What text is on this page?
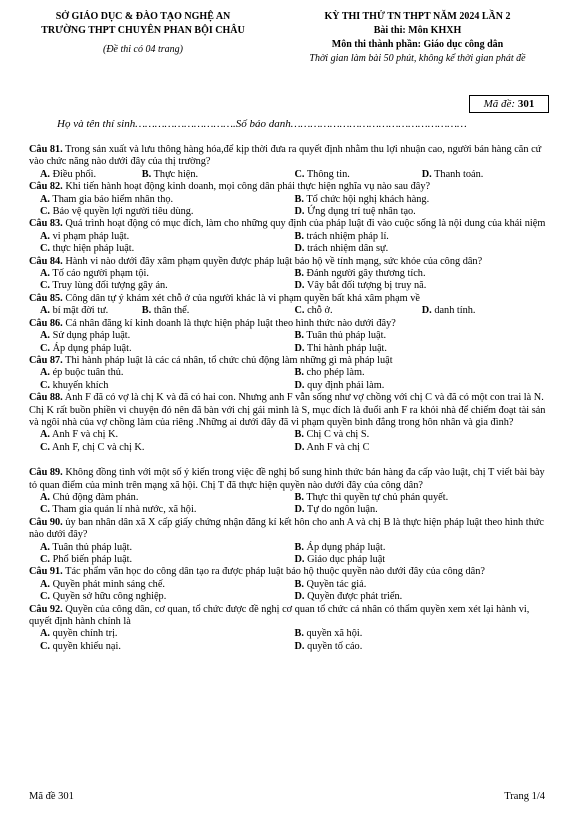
SỞ GIÁO DỤC & ĐÀO TẠO NGHỆ AN
TRƯỜNG THPT CHUYÊN PHAN BỘI CHÂU
(Đề thi có 04 trang)
KỲ THI THỬ TN THPT NĂM 2024 LẦN 2
Bài thi: Môn KHXH
Môn thi thành phần: Giáo dục công dân
Thời gian làm bài 50 phút, không kể thời gian phát đề
Mã đề: 301
Họ và tên thí sinh………………………….Số báo danh………………………………………………

Câu 81. Trong sản xuất và lưu thông hàng hóa,để kịp thời đưa ra quyết định nhằm thu lợi nhuận cao, người bán hàng căn cứ vào chức năng nào dưới đây của thị trường?

A. Điều phối.	B. Thực hiện.	C. Thông tin.	D. Thanh toán.

Câu 82. Khi tiến hành hoạt động kinh doanh, mọi công dân phải thực hiện nghĩa vụ nào sau đây?

A. Tham gia bảo hiểm nhân thọ.	B. Tổ chức hội nghị khách hàng.
C. Bảo vệ quyền lợi người tiêu dùng.	D. Ứng dụng trí tuệ nhân tạo.

Câu 83. Quá trình hoạt động có mục đích, làm cho những quy định của pháp luật đi vào cuộc sống là nội dung của khái niệm

A. vi phạm pháp luật.	B. trách nhiệm pháp lí.
C. thực hiện pháp luật.	D. trách nhiệm dân sự.

Câu 84. Hành vi nào dưới đây xâm phạm quyền được pháp luật bảo hộ về tính mạng, sức khỏe của công dân?

A. Tố cáo người phạm tội.	B. Đánh người gây thương tích.
C. Truy lùng đối tượng gây án.	D. Vây bắt đối tượng bị truy nã.

Câu 85. Công dân tự ý khám xét chỗ ở của người khác là vi phạm quyền bất khả xâm phạm về

A. bí mật đời tư.	B. thân thể.	C. chỗ ở.	D. danh tính.

Câu 86. Cá nhân đăng kí kinh doanh là thực hiện pháp luật theo hình thức nào dưới đây?

A. Sử dụng pháp luật.	B. Tuân thủ pháp luật.
C. Áp dụng pháp luật.	D. Thi hành pháp luật.

Câu 87. Thi hành pháp luật là các cá nhân, tổ chức chủ động làm những gì mà pháp luật

A. ép buộc tuân thủ.	B. cho phép làm.
C. khuyến khích	D. quy định phải làm.

Câu 88. Anh F đã có vợ là chị K và đã có hai con. Nhưng anh F vẫn sống như vợ chồng với chị C và đã có một con trai là N. Chị K rất buồn phiền vì chuyện đó nên đã bàn với chị gái mình là S, mục đích là đuổi anh F ra khỏi nhà để chiếm đoạt tài sản và ngôi nhà của vợ chồng làm của riêng .Những ai dưới đây đã vi phạm quyền bình đẳng trong hôn nhân và gia đình?

A. Anh F và chị K.	B. Chị C và chị S.
C. Anh F, chị C và chị K.	D. Anh F và chị C

Câu 89. Không đồng tình với một số ý kiến trong việc đề nghị bổ sung hình thức bán hàng đa cấp vào luật, chị T viết bài bày tỏ quan điểm của mình trên mạng xã hội. Chị T đã thực hiện quyền nào dưới đây của công dân?

A. Chủ động đàm phán.	B. Thực thi quyền tự chủ phán quyết.
C. Tham gia quản lí nhà nước, xã hội.	D. Tự do ngôn luận.

Câu 90. ủy ban nhân dân xã X cấp giấy chứng nhận đăng kí kết hôn cho anh A và chị B là thực hiện pháp luật theo hình thức nào dưới đây?

A. Tuân thủ pháp luật.	B. Áp dụng pháp luật.
C. Phổ biến pháp luật.	D. Giáo dục pháp luật

Câu 91. Tác phẩm văn học do công dân tạo ra được pháp luật bảo hộ thuộc quyền nào dưới đây của công dân?

A. Quyền phát minh sáng chế.	B. Quyền tác giả.
C. Quyền sở hữu công nghiệp.	D. Quyền được phát triển.

Câu 92. Quyền của công dân, cơ quan, tổ chức được đề nghị cơ quan tổ chức cá nhân có thẩm quyền xem xét lại hành vi, quyết định hành chính là

A. quyền chính trị.	B. quyền xã hội.
C. quyền khiếu nại.	D. quyền tố cáo.
Mã đề 301	Trang 1/4
